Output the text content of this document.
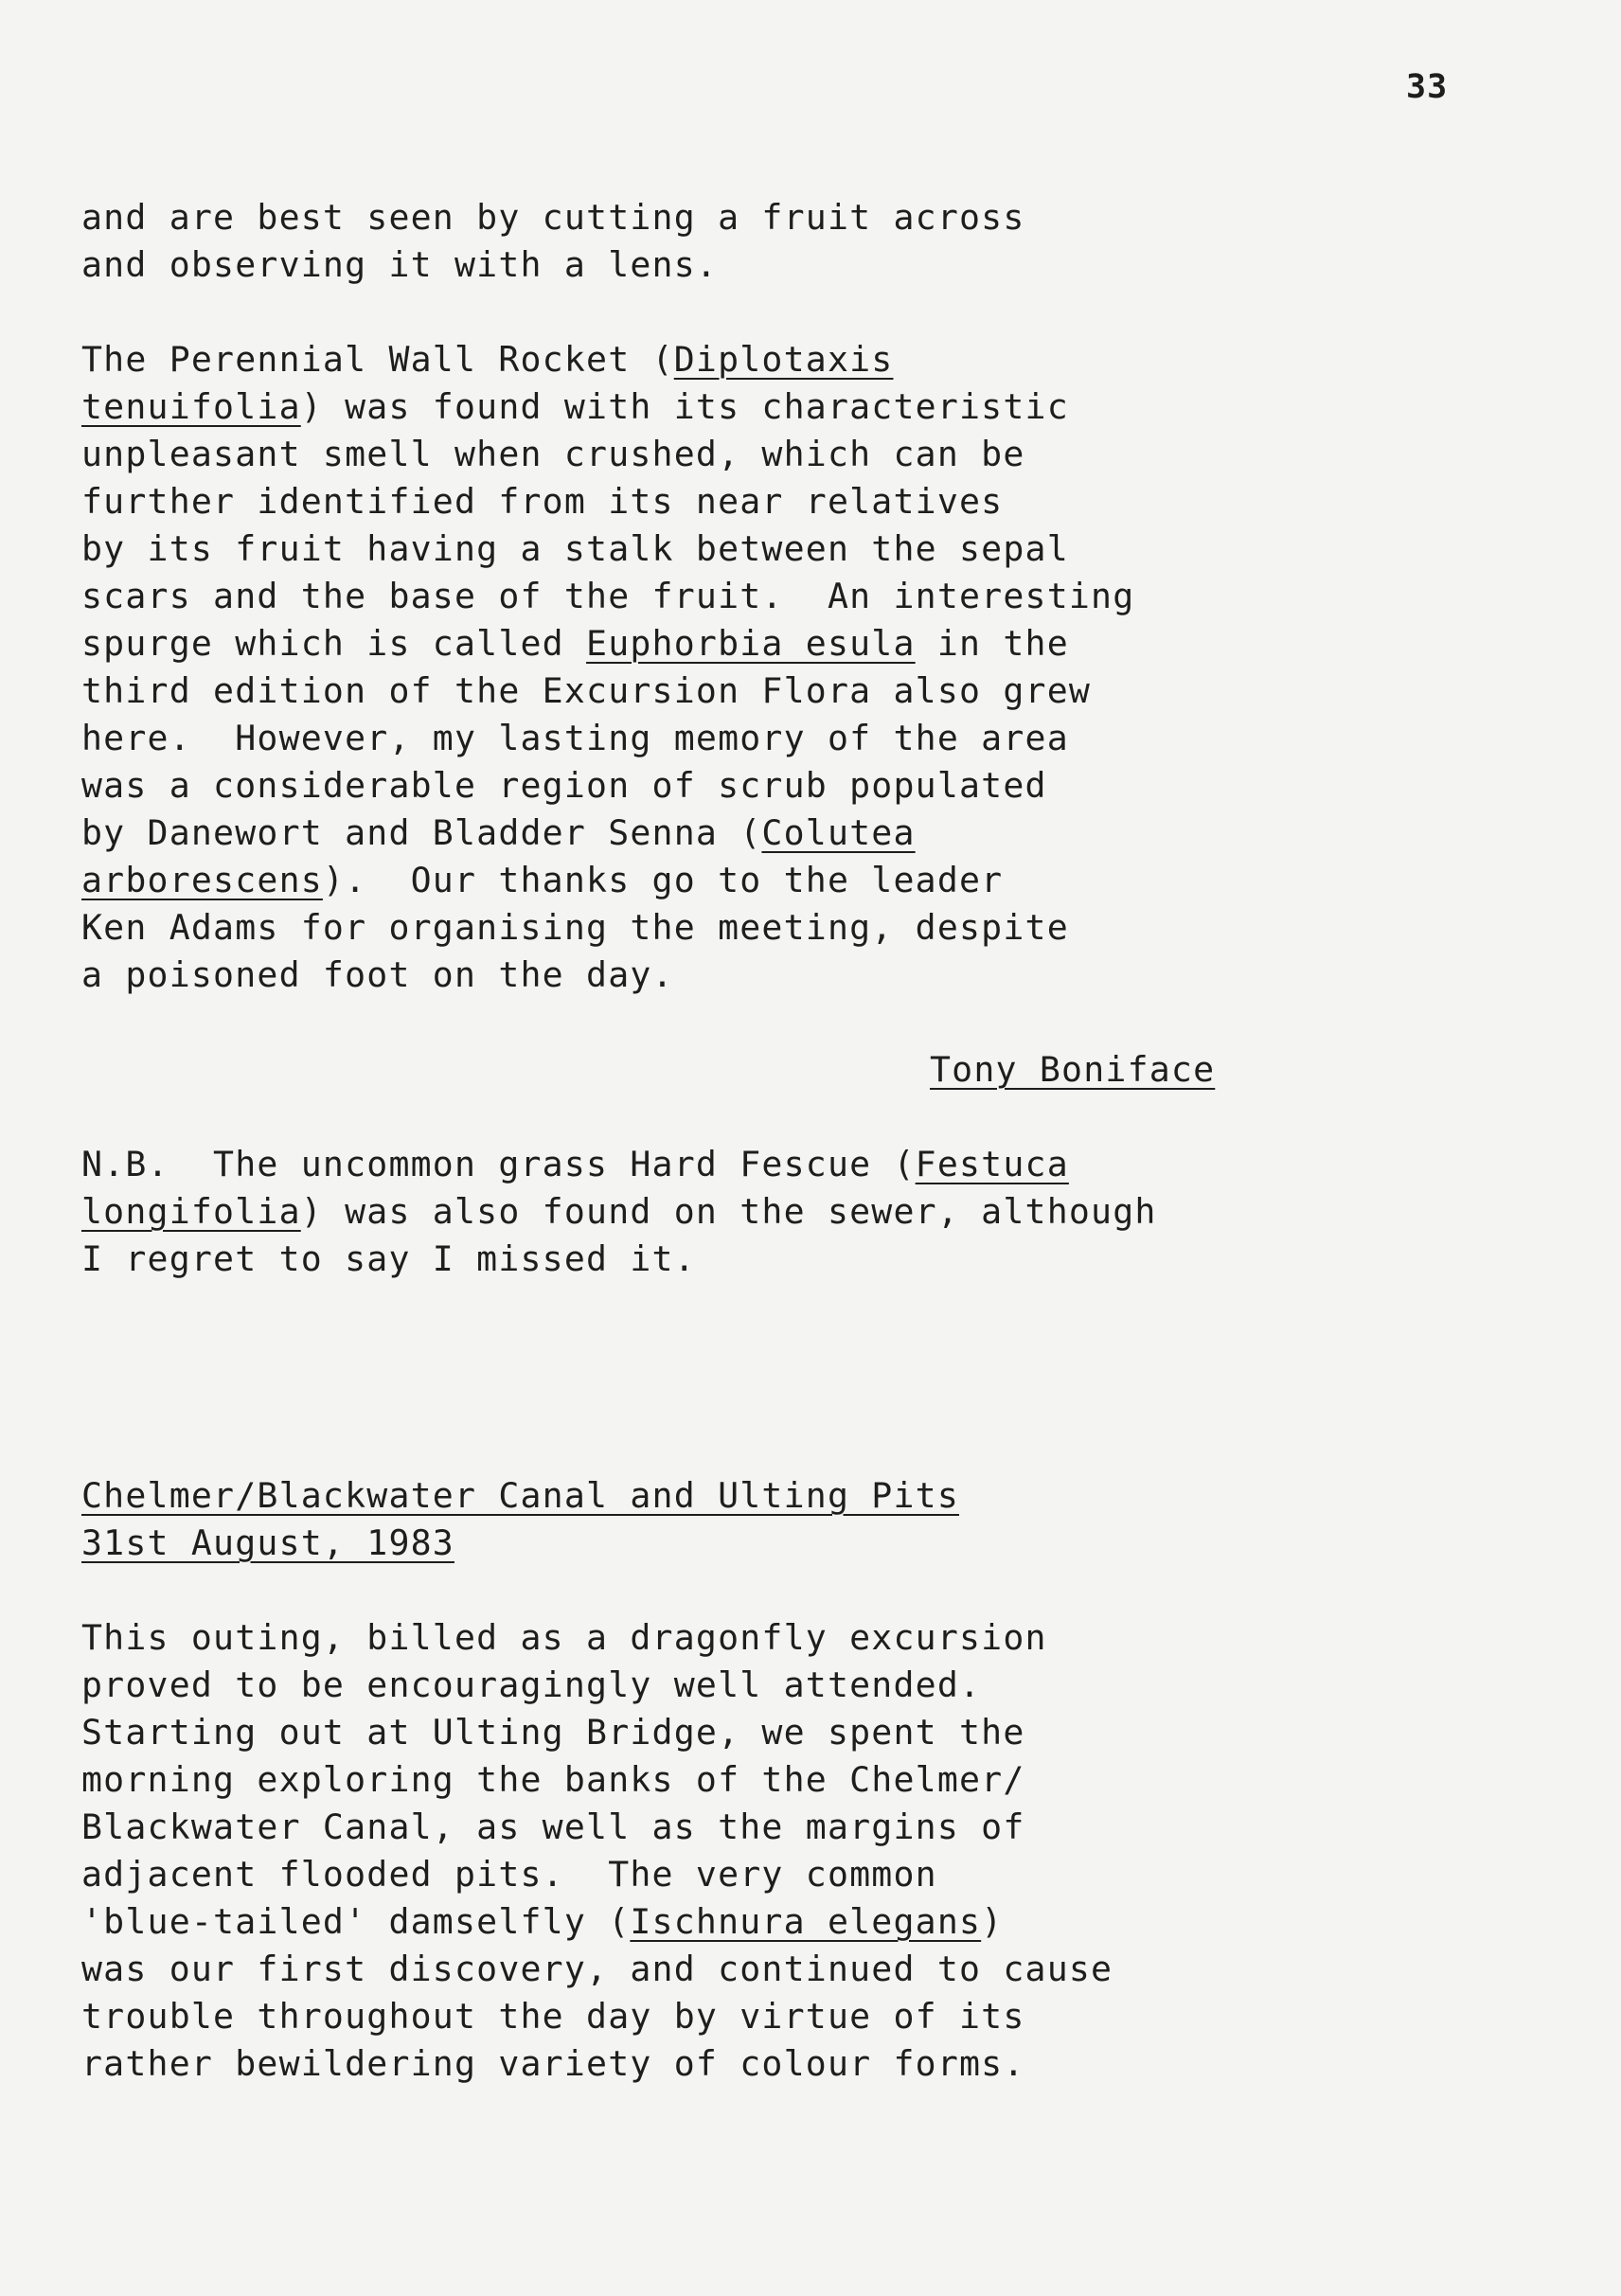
33
and are best seen by cutting a fruit across
and observing it with a lens.
The Perennial Wall Rocket (Diplotaxis
tenuifolia) was found with its characteristic
unpleasant smell when crushed, which can be
further identified from its near relatives
by its fruit having a stalk between the sepal
scars and the base of the fruit.  An interesting
spurge which is called Euphorbia esula in the
third edition of the Excursion Flora also grew
here.  However, my lasting memory of the area
was a considerable region of scrub populated
by Danewort and Bladder Senna (Colutea
arborescens).  Our thanks go to the leader
Ken Adams for organising the meeting, despite
a poisoned foot on the day.
Tony Boniface
N.B.  The uncommon grass Hard Fescue (Festuca
longifolia) was also found on the sewer, although
I regret to say I missed it.
Chelmer/Blackwater Canal and Ulting Pits
31st August, 1983
This outing, billed as a dragonfly excursion
proved to be encouragingly well attended.
Starting out at Ulting Bridge, we spent the
morning exploring the banks of the Chelmer/
Blackwater Canal, as well as the margins of
adjacent flooded pits.  The very common
'blue-tailed' damselfly (Ischnura elegans)
was our first discovery, and continued to cause
trouble throughout the day by virtue of its
rather bewildering variety of colour forms.
